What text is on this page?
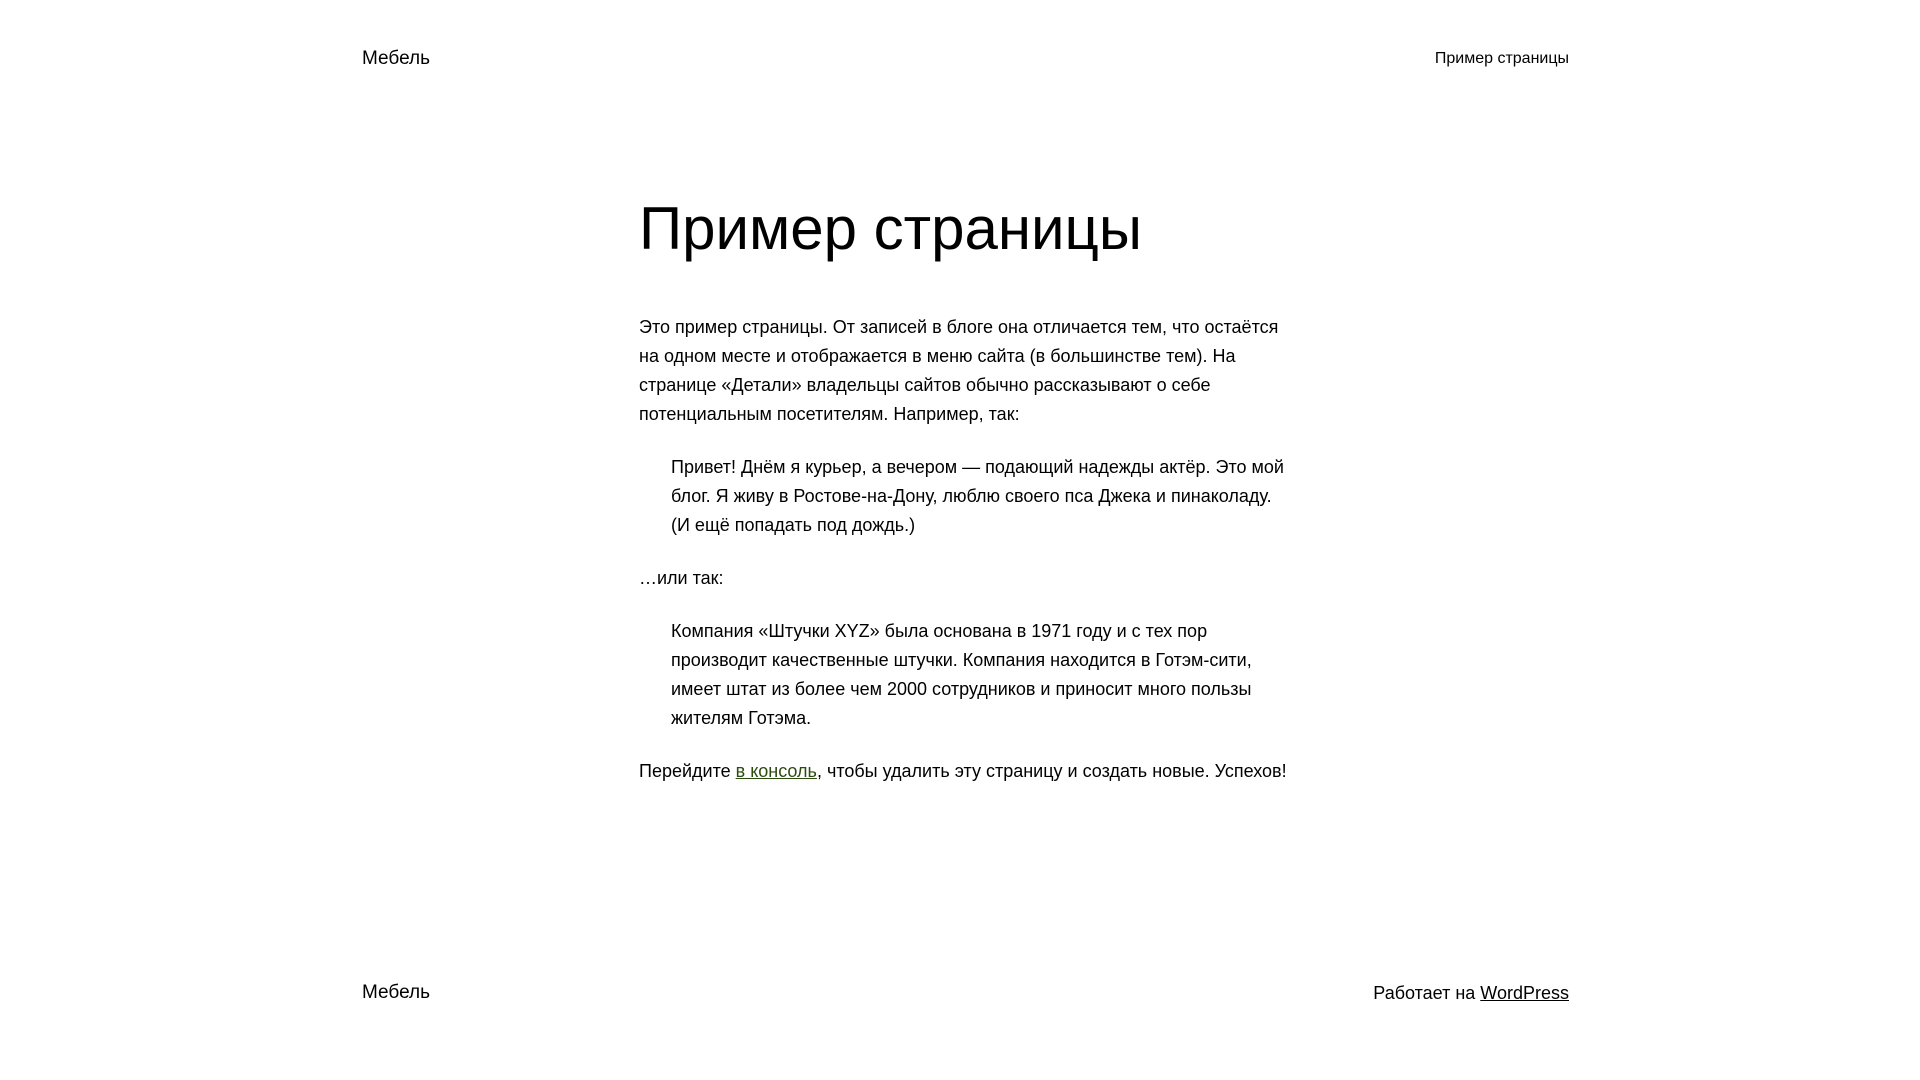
Мебель	Пример страницы
Пример страницы

Это пример страницы. От записей в блоге она отличается тем, что остаётся на одном месте и отображается в меню сайта (в большинстве тем). На странице «Детали» владельцы сайтов обычно рассказывают о себе потенциальным посетителям. Например, так:

Привет! Днём я курьер, а вечером — подающий надежды актёр. Это мой блог. Я живу в Ростове-на-Дону, люблю своего пса Джека и пинаколаду. (И ещё попадать под дождь.)

…или так:

Компания «Штучки XYZ» была основана в 1971 году и с тех пор производит качественные штучки. Компания находится в Готэм-сити, имеет штат из более чем 2000 сотрудников и приносит много пользы жителям Готэма.

Перейдите в консоль, чтобы удалить эту страницу и создать новые. Успехов!

Мебель	Работает на WordPress
